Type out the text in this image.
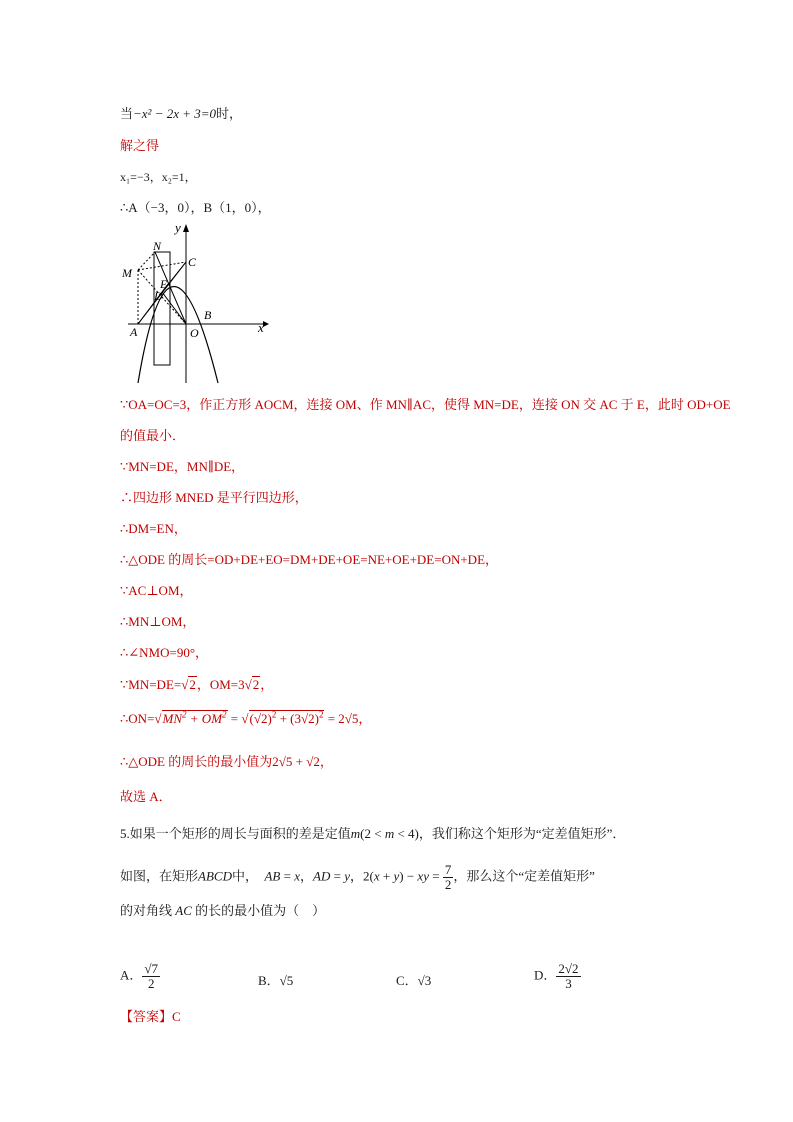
当−x² − 2x + 3=0时，
解之得
x₁=−3，x₂=1，
∴A（−3，0），B（1，0），
y
x
N
M
C
E
D
A	O
B
∵OA=OC=3，作正方形 AOCM，连接 OM、作 MN∥AC，使得 MN=DE，连接 ON 交 AC 于 E，此时 OD+OE
的值最小．
∵MN=DE，MN∥DE，
∴四边形 MNED 是平行四边形，
∴DM=EN，
∴△ODE 的周长=OD+DE+EO=DM+DE+OE=NE+OE+DE=ON+DE，
∵AC⊥OM，
∴MN⊥OM，
∴∠NMO=90°，
∵MN=DE=√2，OM=3√2，
$\therefore ON=√MN^2 + OM^2 = √(√2)^2 + (3√2)^2 = 2√5$，
∴△ODE 的周长的最小值为2√5 + √2，
故选 A．
5.如果一个矩形的周长与面积的差是定值m(2 < m < 4)，我们称这个矩形为“定差值矩形”．
如图，在矩形ABCD中，  AB = x，AD = y，2(x + y) − xy = $\frac{7}{2}$ ，那么这个“定差值矩形”
的对角线 AC 的长的最小值为（　）
A． $\frac{√7}{2}$	B．√5	C．√3	D． $\frac{2√2}{3}$
【答案】C
